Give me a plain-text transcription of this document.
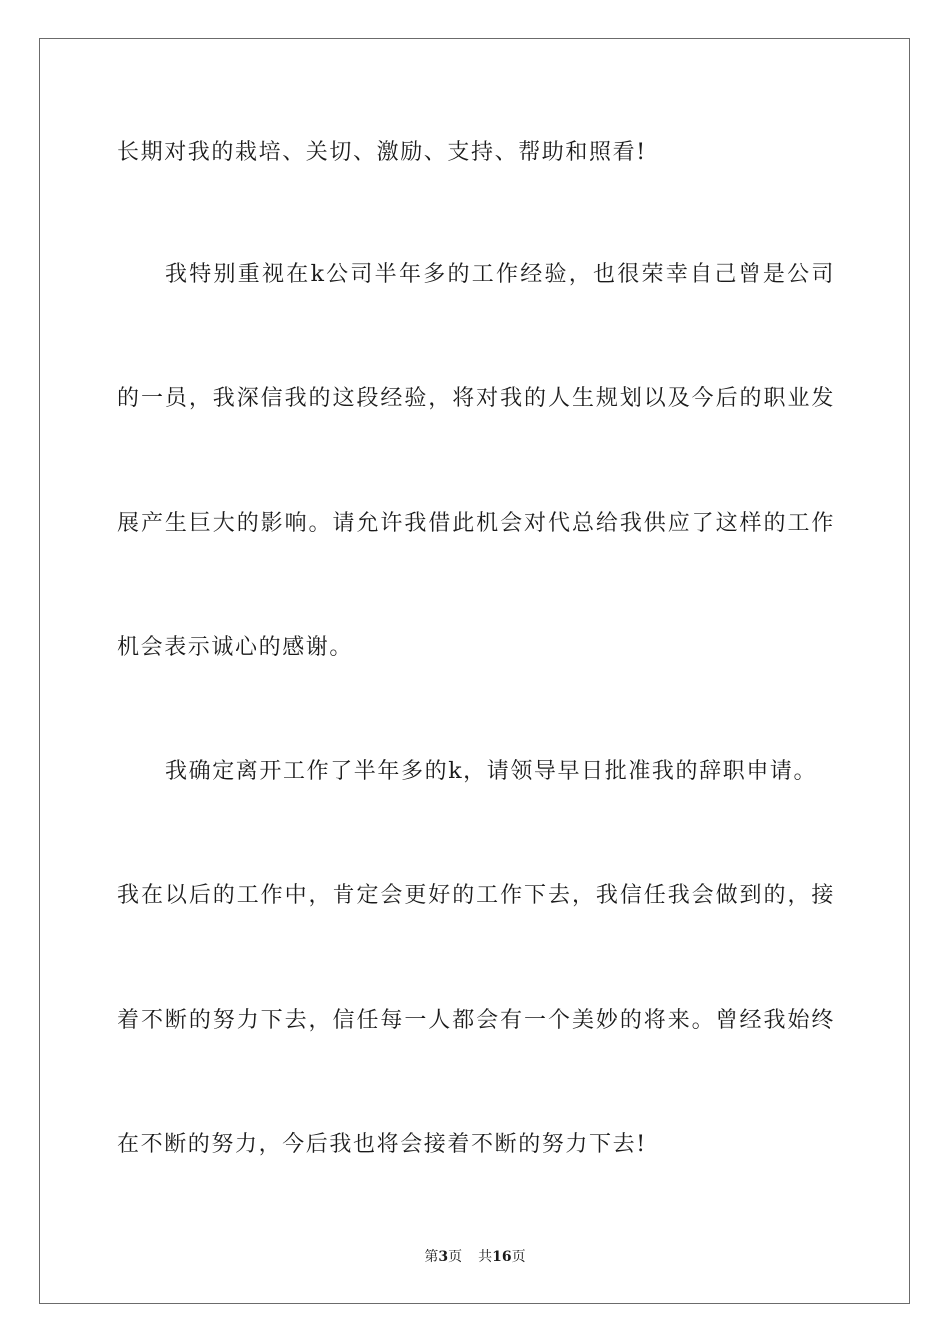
长期对我的栽培、关切、激励、支持、帮助和照看!
我特别重视在k公司半年多的工作经验，也很荣幸自己曾是公司
的一员，我深信我的这段经验，将对我的人生规划以及今后的职业发
展产生巨大的影响。请允许我借此机会对代总给我供应了这样的工作
机会表示诚心的感谢。
我确定离开工作了半年多的k，请领导早日批准我的辞职申请。
我在以后的工作中，肯定会更好的工作下去，我信任我会做到的，接
着不断的努力下去，信任每一人都会有一个美妙的将来。曾经我始终
在不断的努力，今后我也将会接着不断的努力下去!
第3页 共16页
